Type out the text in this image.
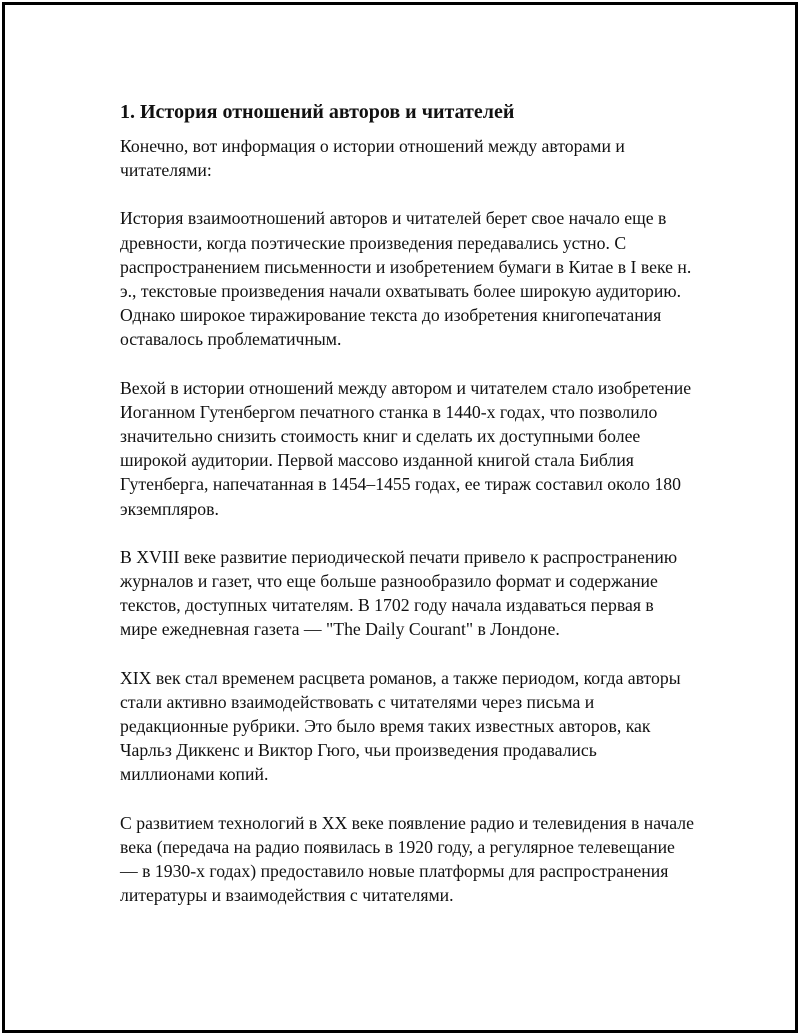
1. История отношений авторов и читателей

Конечно, вот информация о истории отношений между авторами и читателями:

История взаимоотношений авторов и читателей берет свое начало еще в древности, когда поэтические произведения передавались устно. С распространением письменности и изобретением бумаги в Китае в I веке н. э., текстовые произведения начали охватывать более широкую аудиторию. Однако широкое тиражирование текста до изобретения книгопечатания оставалось проблематичным.

Вехой в истории отношений между автором и читателем стало изобретение Иоганном Гутенбергом печатного станка в 1440-х годах, что позволило значительно снизить стоимость книг и сделать их доступными более широкой аудитории. Первой массово изданной книгой стала Библия Гутенберга, напечатанная в 1454–1455 годах, ее тираж составил около 180 экземпляров.

В XVIII веке развитие периодической печати привело к распространению журналов и газет, что еще больше разнообразило формат и содержание текстов, доступных читателям. В 1702 году начала издаваться первая в мире ежедневная газета — "The Daily Courant" в Лондоне.

XIX век стал временем расцвета романов, а также периодом, когда авторы стали активно взаимодействовать с читателями через письма и редакционные рубрики. Это было время таких известных авторов, как Чарльз Диккенс и Виктор Гюго, чьи произведения продавались миллионами копий.

С развитием технологий в XX веке появление радио и телевидения в начале века (передача на радио появилась в 1920 году, а регулярное телевещание — в 1930-х годах) предоставило новые платформы для распространения литературы и взаимодействия с читателями.
